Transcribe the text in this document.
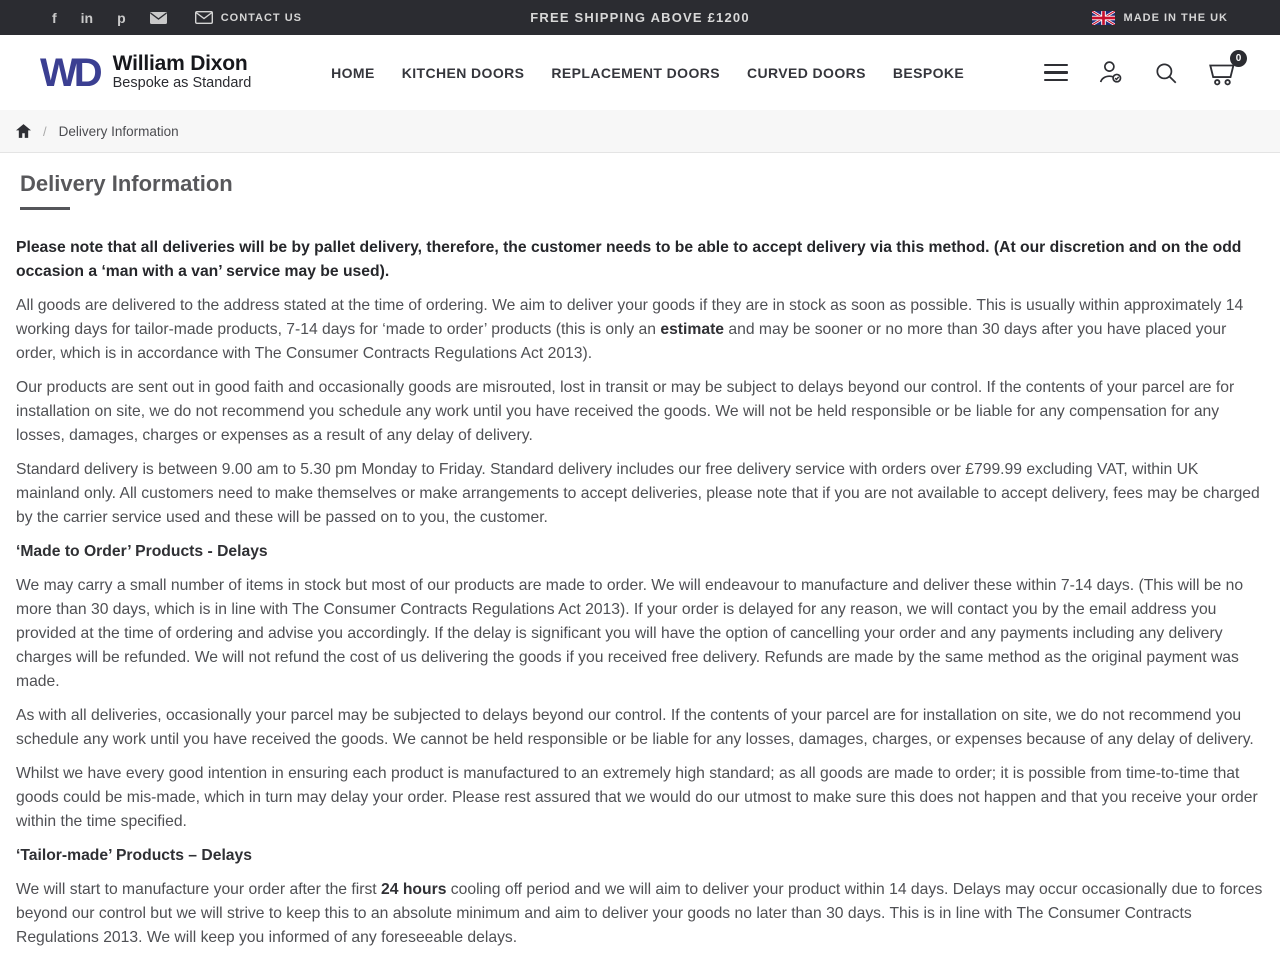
f in p	CONTACT US	FREE SHIPPING ABOVE £1200	MADE IN THE UK
WD William Dixon
Bespoke as Standard
HOME KITCHEN DOORS REPLACEMENT DOORS CURVED DOORS BESPOKE
0
/ Delivery Information
Delivery Information

Please note that all deliveries will be by pallet delivery, therefore, the customer needs to be able to accept delivery via this method. (At our discretion and on the odd occasion a ‘man with a van’ service may be used).

All goods are delivered to the address stated at the time of ordering. We aim to deliver your goods if they are in stock as soon as possible. This is usually within approximately 14 working days for tailor-made products, 7-14 days for ‘made to order’ products (this is only an estimate and may be sooner or no more than 30 days after you have placed your order, which is in accordance with The Consumer Contracts Regulations Act 2013).

Our products are sent out in good faith and occasionally goods are misrouted, lost in transit or may be subject to delays beyond our control. If the contents of your parcel are for installation on site, we do not recommend you schedule any work until you have received the goods. We will not be held responsible or be liable for any compensation for any losses, damages, charges or expenses as a result of any delay of delivery.

Standard delivery is between 9.00 am to 5.30 pm Monday to Friday. Standard delivery includes our free delivery service with orders over £799.99 excluding VAT, within UK mainland only. All customers need to make themselves or make arrangements to accept deliveries, please note that if you are not available to accept delivery, fees may be charged by the carrier service used and these will be passed on to you, the customer.

‘Made to Order’ Products - Delays

We may carry a small number of items in stock but most of our products are made to order. We will endeavour to manufacture and deliver these within 7-14 days. (This will be no more than 30 days, which is in line with The Consumer Contracts Regulations Act 2013). If your order is delayed for any reason, we will contact you by the email address you provided at the time of ordering and advise you accordingly. If the delay is significant you will have the option of cancelling your order and any payments including any delivery charges will be refunded. We will not refund the cost of us delivering the goods if you received free delivery. Refunds are made by the same method as the original payment was made.

As with all deliveries, occasionally your parcel may be subjected to delays beyond our control. If the contents of your parcel are for installation on site, we do not recommend you schedule any work until you have received the goods. We cannot be held responsible or be liable for any losses, damages, charges, or expenses because of any delay of delivery.

Whilst we have every good intention in ensuring each product is manufactured to an extremely high standard; as all goods are made to order; it is possible from time-to-time that goods could be mis-made, which in turn may delay your order. Please rest assured that we would do our utmost to make sure this does not happen and that you receive your order within the time specified.

‘Tailor-made’ Products – Delays

We will start to manufacture your order after the first 24 hours cooling off period and we will aim to deliver your product within 14 days. Delays may occur occasionally due to forces beyond our control but we will strive to keep this to an absolute minimum and aim to deliver your goods no later than 30 days. This is in line with The Consumer Contracts Regulations 2013. We will keep you informed of any foreseeable delays.
